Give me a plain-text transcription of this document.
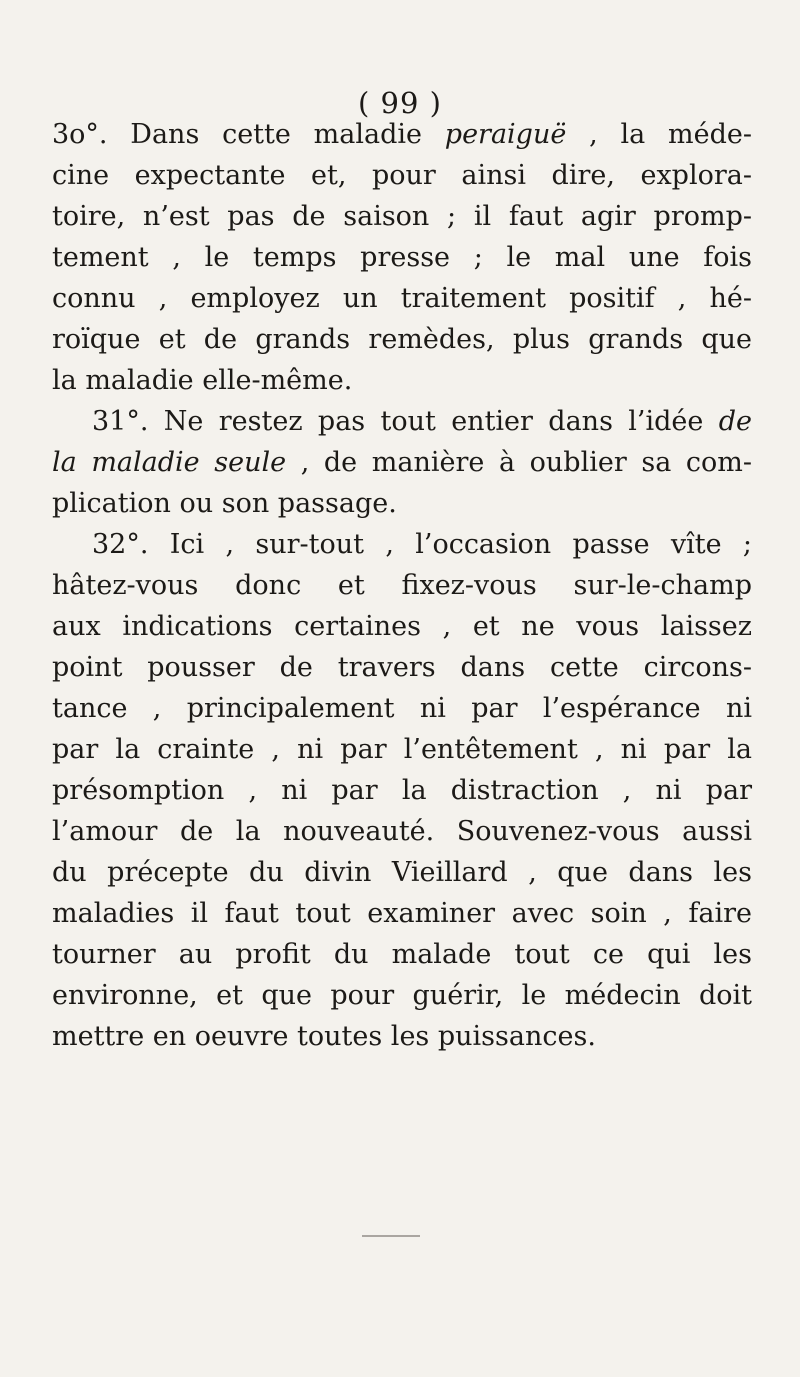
( 99 )
3o°. Dans cette maladie peraiguë , la méde-
cine expectante et, pour ainsi dire, explora-
toire, n’est pas de saison ; il faut agir promp-
tement , le temps presse ; le mal une fois
connu , employez un traitement positif , hé-
roïque et de grands remèdes, plus grands que
la maladie elle-même.
31°. Ne restez pas tout entier dans l’idée de
la maladie seule , de manière à oublier sa com-
plication ou son passage.
32°. Ici , sur-tout , l’occasion passe vîte ;
hâtez-vous donc et fixez-vous sur-le-champ
aux indications certaines , et ne vous laissez
point pousser de travers dans cette circons-
tance , principalement ni par l’espérance ni
par la crainte , ni par l’entêtement , ni par la
présomption , ni par la distraction , ni par
l’amour de la nouveauté. Souvenez-vous aussi
du précepte du divin Vieillard , que dans les
maladies il faut tout examiner avec soin , faire
tourner au profit du malade tout ce qui les
environne, et que pour guérir, le médecin doit
mettre en oeuvre toutes les puissances.
